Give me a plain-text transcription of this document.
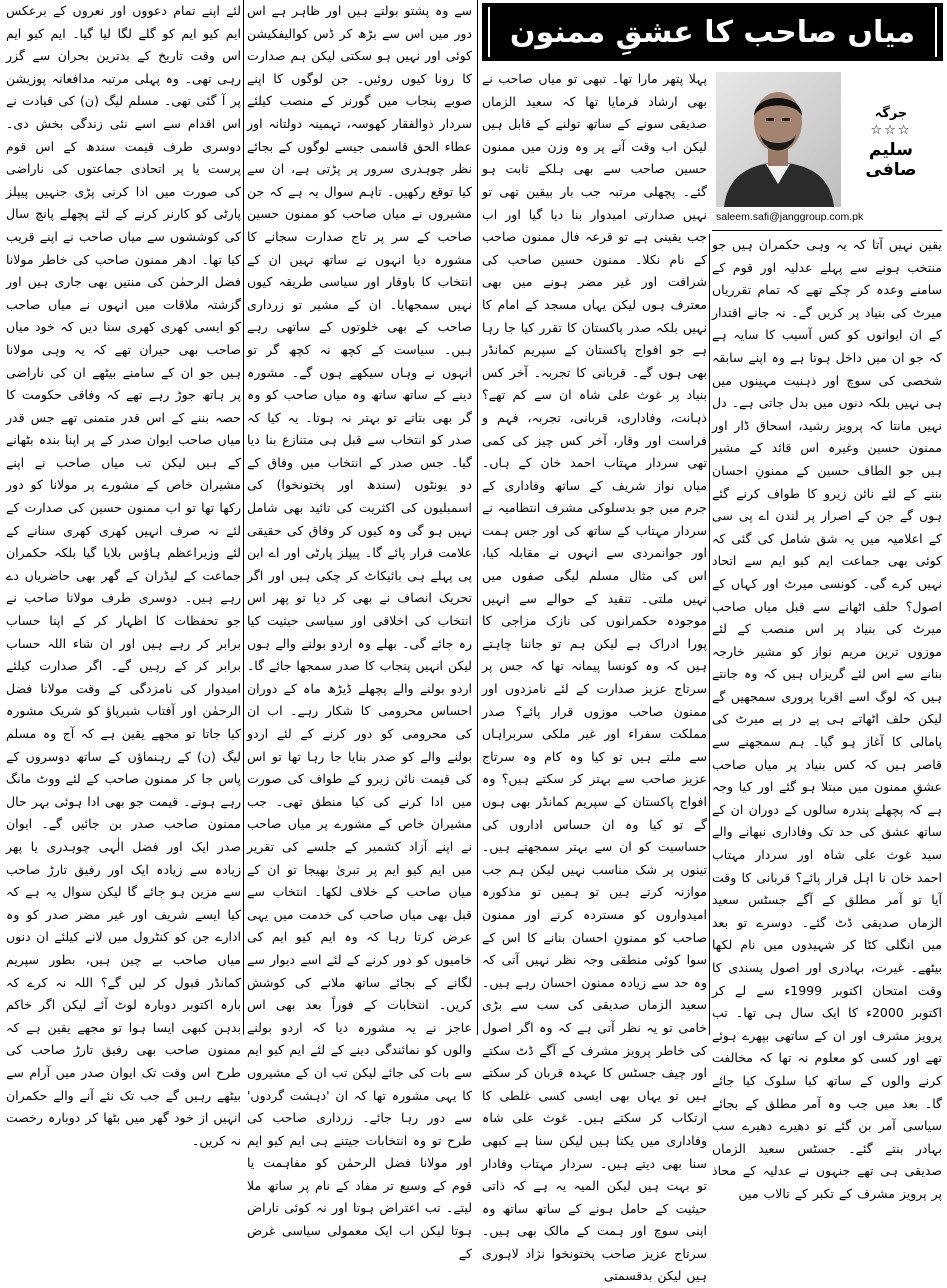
میاں صاحب کا عشقِ ممنون
جرگہ
☆☆☆
سلیم صافی
saleem.safi@janggroup.com.pk

یقین نہیں آتا کہ یہ وہی حکمران ہیں جو منتخب ہونے سے پہلے عدلیہ اور قوم کے سامنے وعدہ کر چکے تھے کہ تمام تقرریاں میرٹ کی بنیاد پر کریں گے۔ نہ جانے اقتدار کے ان ایوانوں کو کس آسیب کا سایہ ہے کہ جو ان میں داخل ہوتا ہے وہ اپنے سابقہ شخصی کی سوچ اور ذہنیت مہینوں میں ہی نہیں بلکہ دنوں میں بدل جاتی ہے۔ دل نہیں مانتا کہ پرویز رشید، اسحاق ڈار اور ممنون حسین وغیرہ اس قائد کے مشیر ہیں جو الطاف حسین کے ممنونِ احسان بننے کے لئے نائن زیرو کا طواف کرنے گئے ہوں گے جن کے اصرار پر لندن اے پی سی کے اعلامیہ میں یہ شق شامل کی گئی کہ کوئی بھی جماعت ایم کیو ایم سے اتحاد نہیں کرے گی۔ کونسی میرٹ اور کہاں کے اصول؟ حلف اٹھانے سے قبل میاں صاحب میرٹ کی بنیاد پر اس منصب کے لئے موزوں ترین مریم نواز کو مشیر خارجہ بنانے سے اس لئے گریزاں ہیں کہ وہ جانتے ہیں کہ لوگ اسے اقربا پروری سمجھیں گے لیکن حلف اٹھاتے ہی پے در پے میرٹ کی پامالی کا آغاز ہو گیا۔ ہم سمجھنے سے قاصر ہیں کہ کس بنیاد پر میاں صاحب عشقِ ممنون میں مبتلا ہو گئے اور کیا وجہ ہے کہ پچھلے پندرہ سالوں کے دوران ان کے ساتھ عشق کی حد تک وفاداری نبھانے والے سید غوث علی شاہ اور سردار مہتاب احمد خان نا اہل قرار پائے؟ قربانی کا وقت آیا تو آمر مطلق کے آگے جسٹس سعید الزماں صدیقی ڈٹ گئے۔ دوسرے تو بعد میں انگلی کٹا کر شہیدوں میں نام لکھا بیٹھے۔ غیرت، بہادری اور اصول پسندی کا وقت امتحان اکتوبر 1999ء سے لے کر اکتوبر 2000ء کا ایک سال ہی تھا۔ تب پرویز مشرف اور ان کے ساتھی بپھرے ہوئے تھے اور کسی کو معلوم نہ تھا کہ مخالفت کرنے والوں کے ساتھ کیا سلوک کیا جائے گا۔ بعد میں جب وہ آمر مطلق کے بجائے سیاسی آمر بن گئے تو دھیرے دھیرے سب بہادر بنتے گئے۔ جسٹس سعید الزماں صدیقی ہی تھے جنہوں نے عدلیہ کے محاذ پر پرویز مشرف کے تکبر کے تالاب میں

پہلا پتھر مارا تھا۔ تبھی تو میاں صاحب نے بھی ارشاد فرمایا تھا کہ سعید الزماں صدیقی سونے کے ساتھ تولنے کے قابل ہیں لیکن اب وقت آنے پر وہ وزن میں ممنون حسین صاحب سے بھی ہلکے ثابت ہو گئے۔ پچھلی مرتبہ جب بار بیقین تھی تو نہیں صدارتی امیدوار بنا دیا گیا اور اب جب یقینی ہے تو قرعہ فال ممنون صاحب کے نام نکلا۔ ممنون حسین صاحب کی شرافت اور غیر مضر ہونے میں بھی معترف ہوں لیکن یہاں مسجد کے امام کا نہیں بلکہ صدر پاکستان کا تقرر کیا جا رہا ہے جو افواج پاکستان کے سپریم کمانڈر بھی ہوں گے۔ قربانی کا تجربہ۔ آخر کس بنیاد پر غوث علی شاہ ان سے کم تھے؟ ذہانت، وفاداری، قربانی، تجربہ، فہم و فراست اور وقار، آخر کس چیز کی کمی تھی سردار مہتاب احمد خان کے ہاں۔ میاں نواز شریف کے ساتھ وفاداری کے جرم میں جو بدسلوکی مشرف انتظامیہ نے سردار مہتاب کے ساتھ کی اور جس ہمت اور جوانمردی سے انہوں نے مقابلہ کیا، اس کی مثال مسلم لیگی صفوں میں نہیں ملتی۔ تنقید کے حوالے سے انہیں موجودہ حکمرانوں کی نازک مزاجی کا پورا ادراک ہے لیکن ہم تو جاننا چاہتے ہیں کہ وہ کونسا پیمانہ تھا کہ جس پر سرتاج عزیز صدارت کے لئے نامزدوں اور ممنون صاحب موزوں قرار پائے؟ صدر مملکت سفراء اور غیر ملکی سربراہاں سے ملتے ہیں تو کیا وہ کام وہ سرتاج عزیز صاحب سے بہتر کر سکتے ہیں؟ وہ افواج پاکستان کے سپریم کمانڈر بھی ہوں گے تو کیا وہ ان حساس اداروں کی حساسیت کو ان سے بہتر سمجھتے ہیں۔ تینوں پر شک مناسب نہیں لیکن ہم جب موازنہ کرتے ہیں تو ہمیں تو مذکورہ امیدواروں کو مستردہ کرنے اور ممنون صاحب کو ممنونِ احسان بنانے کا اس کے سوا کوئی منطقی وجہ نظر نہیں آتی کہ وہ حد سے زیادہ ممنون احسان رہے ہیں۔ سعید الزماں صدیقی کی سب سے بڑی خامی تو یہ نظر آتی ہے کہ وہ اگر اصول کی خاطر پرویز مشرف کے آگے ڈٹ سکتے اور چیف جسٹس کا عہدہ قربان کر سکتے ہیں تو یہاں بھی ایسی کسی غلطی کا ارتکاب کر سکتے ہیں۔ غوث علی شاہ وفاداری میں یکتا ہیں لیکن سنا ہے کبھی سنا بھی دیتے ہیں۔ سردار مہتاب وفادار تو بہت ہیں لیکن المیہ یہ ہے کہ ذاتی حیثیت کے حامل ہونے کے ساتھ ساتھ وہ اپنی سوچ اور ہمت کے مالک بھی ہیں۔ سرتاج عزیز صاحب پختونخوا نژاد لاہوری ہیں لیکن بدقسمتی

سے وہ پشتو بولتے ہیں اور ظاہر ہے اس دور میں اس سے بڑھ کر ڈس کوالیفکیشن کوئی اور نہیں ہو سکتی لیکن ہم صدارت کا رونا کیوں روئیں۔ جن لوگوں کا اپنے صوبے پنجاب میں گورنر کے منصب کیلئے سردار ذوالفقار کھوسہ، تہمینہ دولتانہ اور عطاء الحق قاسمی جیسے لوگوں کے بجائے نظر چوہدری سرور پر پڑتی ہے، ان سے کیا توقع رکھیں۔ تاہم سوال یہ ہے کہ جن مشیروں نے میاں صاحب کو ممنون حسین صاحب کے سر پر تاج صدارت سجانے کا مشورہ دیا انہوں نے ساتھ نہیں ان کے انتخاب کا باوقار اور سیاسی طریقہ کیوں نہیں سمجھایا۔ ان کے مشیر تو زرداری صاحب کے بھی خلوتوں کے ساتھی رہے ہیں۔ سیاست کے کچھ نہ کچھ گر تو انہوں نے وہاں سیکھے ہوں گے۔ مشورہ دینے کے ساتھ ساتھ وہ میاں صاحب کو وہ گر بھی بتاتے تو بہتر نہ ہوتا۔ یہ کیا کہ صدر کو انتخاب سے قبل ہی متنازع بنا دیا گیا۔ جس صدر کے انتخاب میں وفاق کے دو یونٹوں (سندھ اور پختونخوا) کی اسمبلیوں کی اکثریت کی تائید بھی شامل نہیں ہو گی وہ کیوں کر وفاق کی حقیقی علامت قرار پائے گا۔ پیپلز پارٹی اور اے این پی پہلے ہی بائیکاٹ کر چکی ہیں اور اگر تحریک انصاف نے بھی کر دیا تو پھر اس انتخاب کی اخلاقی اور سیاسی حیثیت کیا رہ جائے گی۔ بھلے وہ اردو بولنے والے ہوں لیکن انہیں پنجاب کا صدر سمجھا جائے گا۔ اردو بولنے والے پچھلے ڈیڑھ ماہ کے دوران احساس محرومی کا شکار رہے۔ اب ان کی محرومی کو دور کرنے کے لئے اردو بولنے والے کو صدر بنایا جا رہا تھا تو اس کی قیمت نائن زیرو کے طواف کی صورت میں ادا کرنے کی کیا منطق تھی۔ جب مشیران خاص کے مشورے پر میاں صاحب نے اپنے آزاد کشمیر کے جلسے کی تقریر میں ایم کیو ایم پر تبریٰ بھیجا تو ان کے میاں صاحب کے خلاف لکھا۔ انتخاب سے قبل بھی میاں صاحب کی خدمت میں یہی عرض کرتا رہا کہ وہ ایم کیو ایم کی خامیوں کو دور کرنے کے لئے اسے دیوار سے لگانے کے بجائے ساتھ ملانے کی کوشش کریں۔ انتخابات کے فوراً بعد بھی اس عاجز نے یہ مشورہ دیا کہ اردو بولنے والوں کو نمائندگی دینے کے لئے ایم کیو ایم سے بات کی جائے لیکن تب ان کے مشیروں کا یہی مشورہ تھا کہ ان 'دہشت گردوں' سے دور رہا جائے۔ زرداری صاحب کی طرح تو وہ انتخابات جیتنے ہی ایم کیو ایم اور مولانا فضل الرحمٰن کو مفاہمت یا قوم کے وسیع تر مفاد کے نام پر ساتھ ملا لیتے۔ تب اعتراض ہوتا اور نہ کوئی ناراض ہوتا لیکن اب ایک معمولی سیاسی غرض کے

لئے اپنے تمام دعووں اور نعروں کے برعکس ایم کیو ایم کو گلے لگا لیا گیا۔ ایم کیو ایم اس وقت تاریخ کے بدترین بحران سے گزر رہی تھی۔ وہ پہلی مرتبہ مدافعانہ پوزیشن پر آ گئی تھی۔ مسلم لیگ (ن) کی قیادت نے اس اقدام سے اسے نئی زندگی بخش دی۔ دوسری طرف قیمت سندھ کے اس قوم پرست یا پر اتحادی جماعتوں کی ناراضی کی صورت میں ادا کرنی پڑی جنہیں پیپلز پارٹی کو کارنر کرنے کے لئے پچھلے پانچ سال کی کوششوں سے میاں صاحب نے اپنے قریب کیا تھا۔ ادھر ممنون صاحب کی خاطر مولانا فضل الرحمٰن کی منتیں بھی جاری ہیں اور گزشتہ ملاقات میں انہوں نے میاں صاحب کو ایسی کھری کھری سنا دیں کہ خود میاں صاحب بھی حیران تھے کہ یہ وہی مولانا ہیں جو ان کے سامنے بیٹھے ان کی ناراضی پر ہاتھ جوڑ رہے تھے کہ وفاقی حکومت کا حصہ بننے کے اس قدر متمنی تھے جس قدر میاں صاحب ایوان صدر کے پر اپنا بندہ بٹھانے کے ہیں لیکن تب میاں صاحب نے اپنے مشیران خاص کے مشورے پر مولانا کو دور رکھا تھا تو اب ممنون حسین کی صدارت کے لئے نہ صرف انہیں کھری کھری سنانے کے لئے وزیراعظم ہاؤس بلایا گیا بلکہ حکمران جماعت کے لیڈران کے گھر بھی حاضریاں دے رہے ہیں۔ دوسری طرف مولانا صاحب نے جو تحفظات کا اظہار کر کے اپنا حساب برابر کر رہے ہیں اور ان شاء اللہ حساب برابر کر کے رہیں گے۔ اگر صدارت کیلئے امیدوار کی نامزدگی کے وقت مولانا فضل الرحمٰن اور آفتاب شیرپاؤ کو شریک مشورہ کیا جاتا تو مجھے یقین ہے کہ آج وہ مسلم لیگ (ن) کے رہنماؤں کے ساتھ دوسروں کے پاس جا کر ممنون صاحب کے لئے ووٹ مانگ رہے ہوتے۔ قیمت جو بھی ادا ہوئی بہر حال ممنون صاحب صدر بن جائیں گے۔ ایوان صدر ایک اور فضل الٰہی چوہدری یا پھر زیادہ سے زیادہ ایک اور رفیق تارڑ صاحب سے مزین ہو جائے گا لیکن سوال یہ ہے کہ کیا ایسے شریف اور غیر مضر صدر کو وہ ادارے جن کو کنٹرول میں لانے کیلئے ان دنوں میاں صاحب بے چین ہیں، بطور سپریم کمانڈر قبول کر لیں گے؟ اللہ نہ کرے کہ بارہ اکتوبر دوبارہ لوٹ آئے لیکن اگر خاکم بدہن کبھی ایسا ہوا تو مجھے یقین ہے کہ ممنون صاحب بھی رفیق تارڑ صاحب کی طرح اس وقت تک ایوان صدر میں آرام سے بیٹھے رہیں گے جب تک نئے آنے والے حکمران انہیں از خود گھر میں بٹھا کر دوبارہ رخصت نہ کریں۔
